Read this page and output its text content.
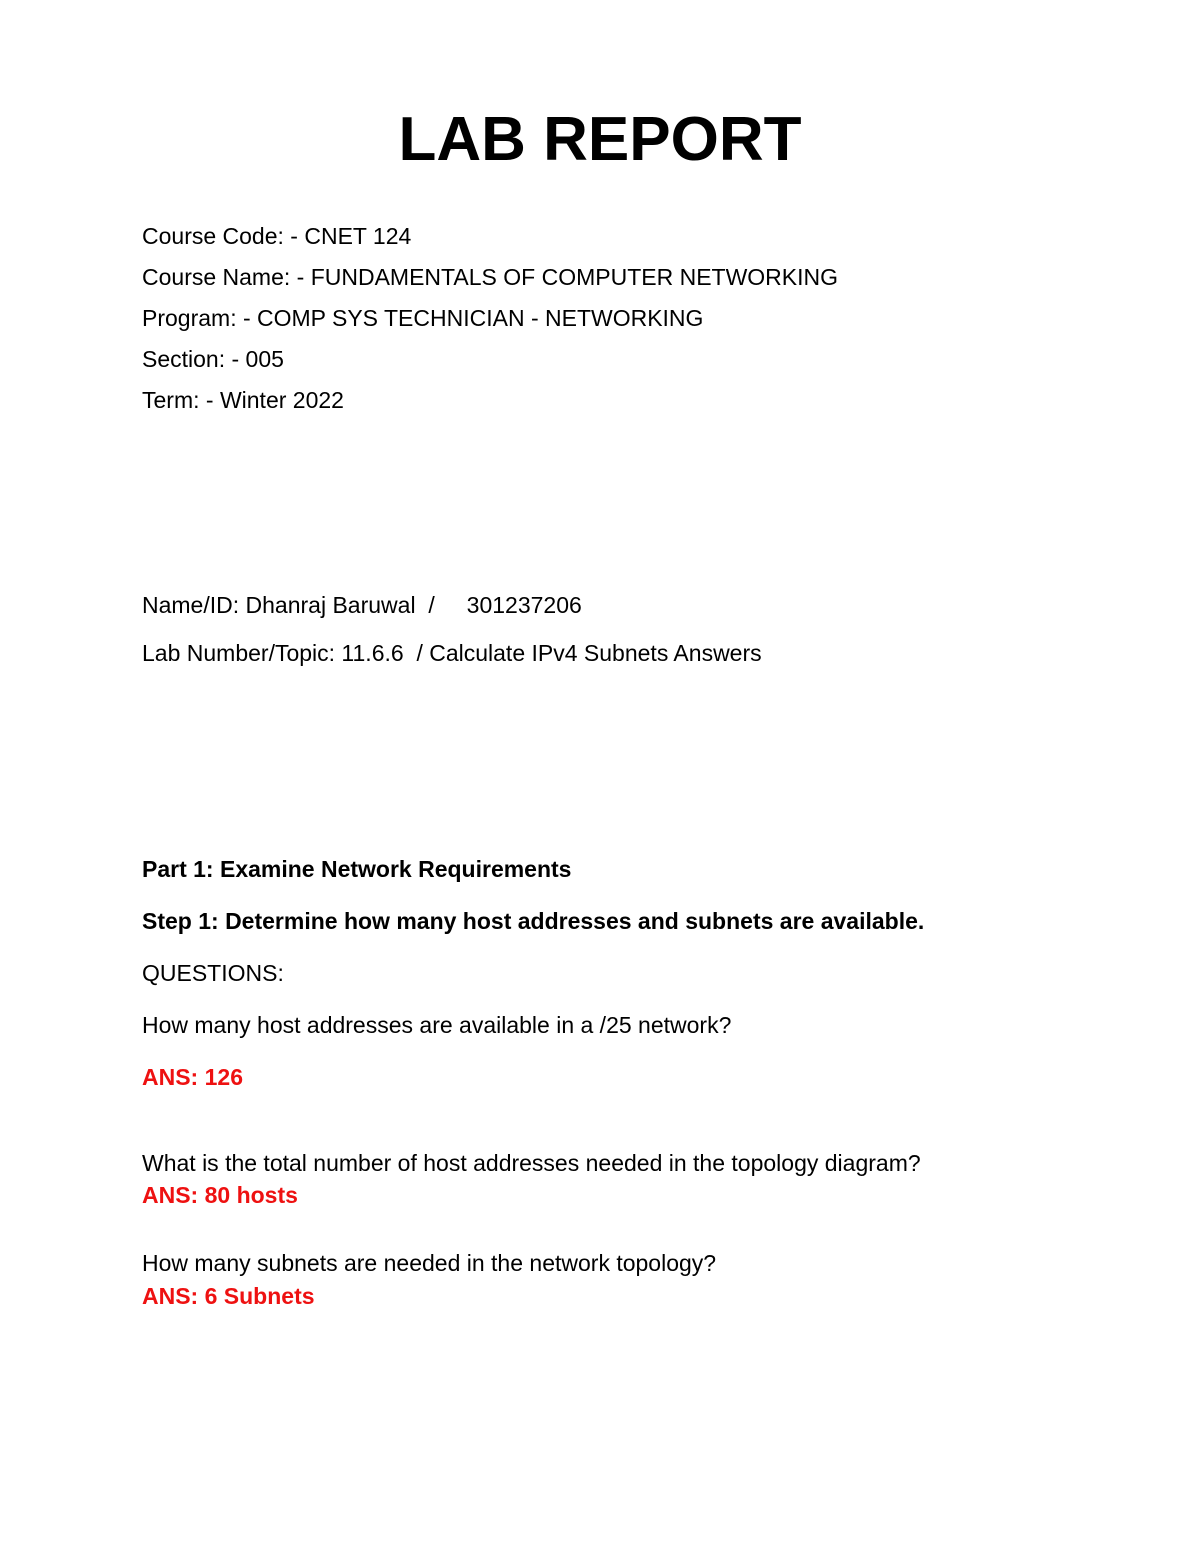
LAB REPORT
Course Code: - CNET 124
Course Name: - FUNDAMENTALS OF COMPUTER NETWORKING
Program: - COMP SYS TECHNICIAN - NETWORKING
Section: - 005
Term: - Winter 2022
Name/ID: Dhanraj Baruwal  /     301237206
Lab Number/Topic: 11.6.6  / Calculate IPv4 Subnets Answers
Part 1: Examine Network Requirements
Step 1: Determine how many host addresses and subnets are available.
QUESTIONS:
How many host addresses are available in a /25 network?
ANS: 126
What is the total number of host addresses needed in the topology diagram?
ANS: 80 hosts
How many subnets are needed in the network topology?
ANS: 6 Subnets
